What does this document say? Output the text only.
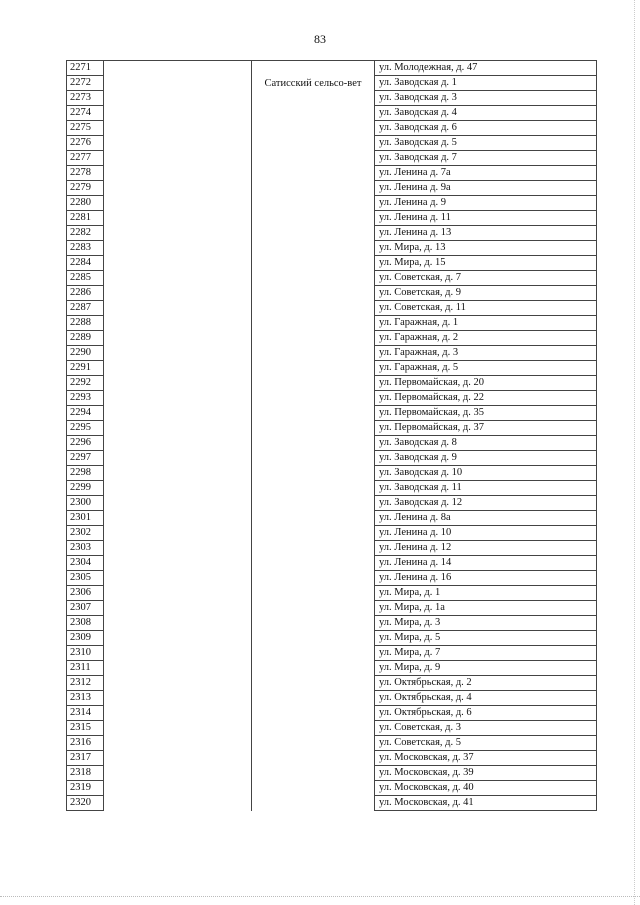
83
2271		Сатисский сельсо-вет	ул. Молодежная, д. 47
2272			ул. Заводская д. 1
2273			ул. Заводская д. 3
2274			ул. Заводская д. 4
2275			ул. Заводская д. 6
2276			ул. Заводская д. 5
2277			ул. Заводская д. 7
2278			ул. Ленина д. 7а
2279			ул. Ленина д. 9а
2280			ул. Ленина д. 9
2281			ул. Ленина д. 11
2282			ул. Ленина д. 13
2283			ул. Мира, д. 13
2284			ул. Мира, д. 15
2285			ул. Советская, д. 7
2286			ул. Советская, д. 9
2287			ул. Советская, д. 11
2288			ул. Гаражная, д. 1
2289			ул. Гаражная, д. 2
2290			ул. Гаражная, д. 3
2291			ул. Гаражная, д. 5
2292			ул. Первомайская, д. 20
2293			ул. Первомайская, д. 22
2294			ул. Первомайская, д. 35
2295			ул. Первомайская, д. 37
2296			ул. Заводская д. 8
2297			ул. Заводская д. 9
2298			ул. Заводская д. 10
2299			ул. Заводская д. 11
2300			ул. Заводская д. 12
2301			ул. Ленина д. 8а
2302			ул. Ленина д. 10
2303			ул. Ленина д. 12
2304			ул. Ленина д. 14
2305			ул. Ленина д. 16
2306			ул. Мира, д. 1
2307			ул. Мира, д. 1а
2308			ул. Мира, д. 3
2309			ул. Мира, д. 5
2310			ул. Мира, д. 7
2311			ул. Мира, д. 9
2312			ул. Октябрьская, д. 2
2313			ул. Октябрьская, д. 4
2314			ул. Октябрьская, д. 6
2315			ул. Советская, д. 3
2316			ул. Советская, д. 5
2317			ул. Московская, д. 37
2318			ул. Московская, д. 39
2319			ул. Московская, д. 40
2320			ул. Московская, д. 41
